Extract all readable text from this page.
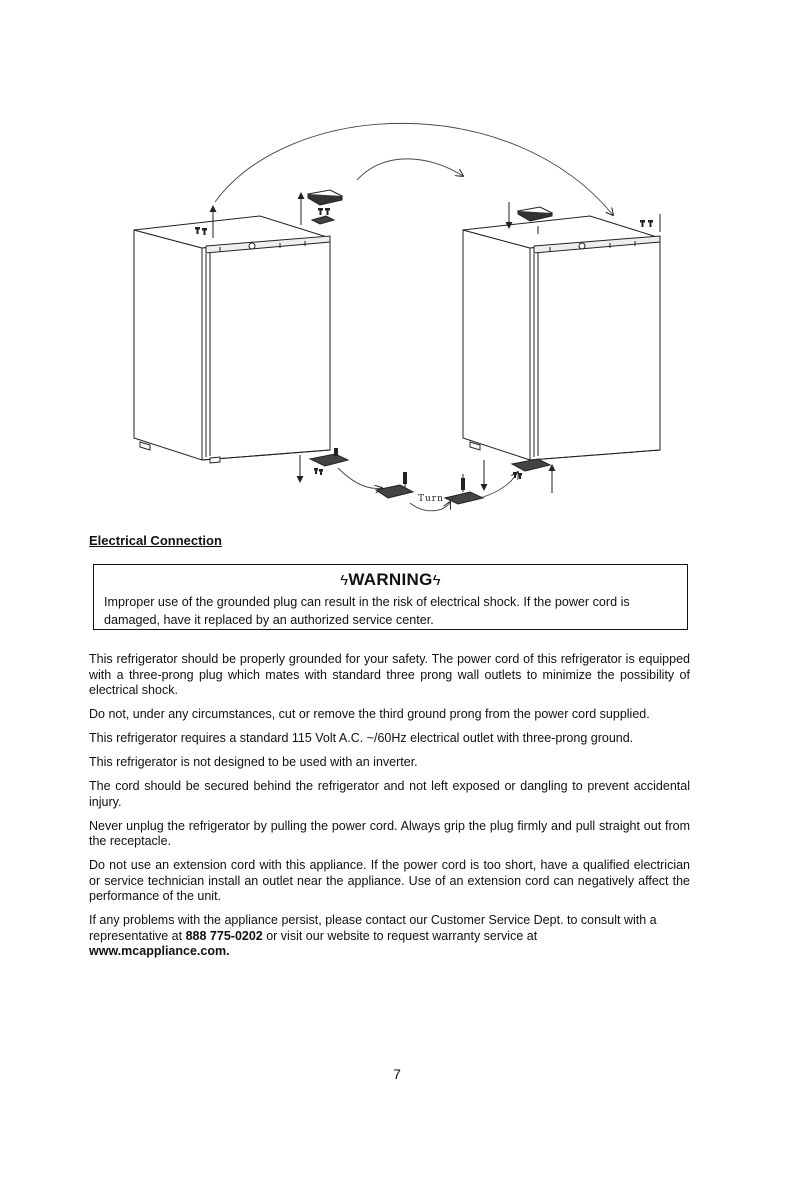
Turn
Electrical Connection
ϟWARNINGϟ
Improper use of the grounded plug can result in the risk of electrical shock. If the power cord is damaged, have it replaced by an authorized service center.

This refrigerator should be properly grounded for your safety. The power cord of this refrigerator is equipped with a three-prong plug which mates with standard three prong wall outlets to minimize the possibility of electrical shock.

Do not, under any circumstances, cut or remove the third ground prong from the power cord supplied.

This refrigerator requires a standard 115 Volt A.C. ~/60Hz electrical outlet with three-prong ground.

This refrigerator is not designed to be used with an inverter.

The cord should be secured behind the refrigerator and not left exposed or dangling to prevent accidental injury.

Never unplug the refrigerator by pulling the power cord. Always grip the plug firmly and pull straight out from the receptacle.

Do not use an extension cord with this appliance. If the power cord is too short, have a qualified electrician or service technician install an outlet near the appliance. Use of an extension cord can negatively affect the performance of the unit.

If any problems with the appliance persist, please contact our Customer Service Dept. to consult with a representative at 888 775-0202 or visit our website to request warranty service at
www.mcappliance.com.

7
